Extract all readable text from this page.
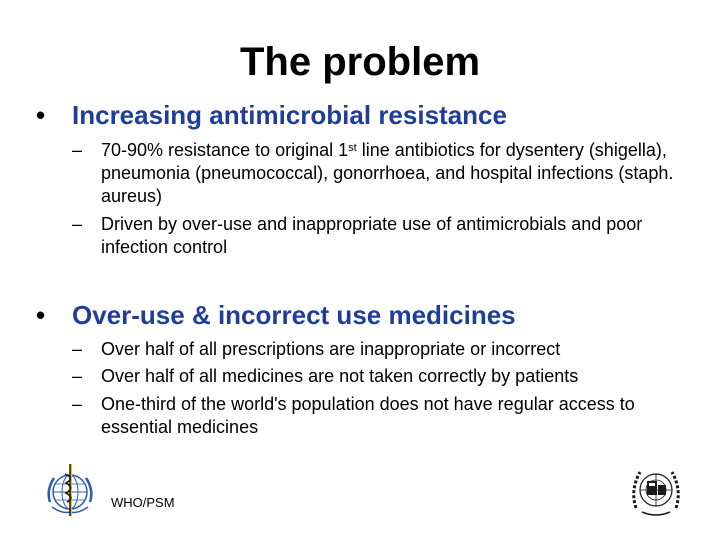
The problem
• Increasing antimicrobial resistance
– 70-90% resistance to original 1st line antibiotics for dysentery (shigella), pneumonia (pneumococcal), gonorrhoea, and hospital infections (staph. aureus)
– Driven by over-use and inappropriate use of antimicrobials and poor infection control
• Over-use & incorrect use medicines
– Over half of all prescriptions are inappropriate or incorrect
– Over half of all medicines are not taken correctly by patients
– One-third of the world's population does not have regular access to essential medicines
WHO/PSM
